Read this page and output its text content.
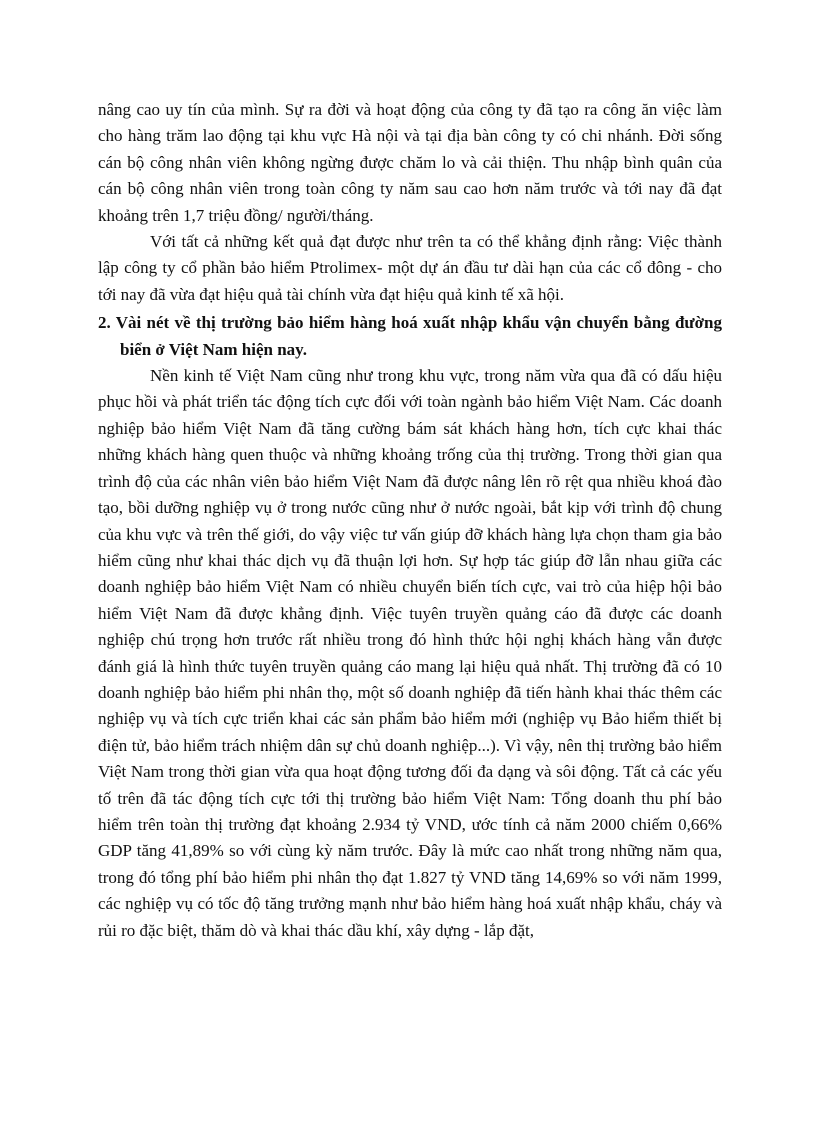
nâng cao uy tín của mình. Sự ra đời và hoạt động của công ty đã tạo ra công ăn việc làm cho hàng trăm lao động tại khu vực Hà nội và tại địa bàn công ty có chi nhánh. Đời sống cán bộ công nhân viên không ngừng được chăm lo và cải thiện. Thu nhập bình quân của cán bộ công nhân viên trong toàn công ty năm sau cao hơn năm trước và tới nay đã đạt khoảng trên 1,7 triệu đồng/ người/tháng.

Với tất cả những kết quả đạt được như trên ta có thể khẳng định rằng: Việc thành lập công ty cổ phần bảo hiểm Ptrolimex- một dự án đầu tư dài hạn của các cổ đông - cho tới nay đã vừa đạt hiệu quả tài chính vừa đạt hiệu quả kinh tế xã hội.

2. Vài nét về thị trường bảo hiểm hàng hoá xuất nhập khẩu vận chuyển bằng đường biển ở Việt Nam hiện nay.

Nền kinh tế Việt Nam cũng như trong khu vực, trong năm vừa qua đã có dấu hiệu phục hồi và phát triển tác động tích cực đối với toàn ngành bảo hiểm Việt Nam. Các doanh nghiệp bảo hiểm Việt Nam đã tăng cường bám sát khách hàng hơn, tích cực khai thác những khách hàng quen thuộc và những khoảng trống của thị trường. Trong thời gian qua trình độ của các nhân viên bảo hiểm Việt Nam đã được nâng lên rõ rệt qua nhiều khoá đào tạo, bồi dưỡng nghiệp vụ ở trong nước cũng như ở nước ngoài, bắt kịp với trình độ chung của khu vực và trên thế giới, do vậy việc tư vấn giúp đỡ khách hàng lựa chọn tham gia bảo hiểm cũng như khai thác dịch vụ đã thuận lợi hơn. Sự hợp tác giúp đỡ lẫn nhau giữa các doanh nghiệp bảo hiểm Việt Nam có nhiều chuyển biến tích cực, vai trò của hiệp hội bảo hiểm Việt Nam đã được khẳng định. Việc tuyên truyền quảng cáo đã được các doanh nghiệp chú trọng hơn trước rất nhiều trong đó hình thức hội nghị khách hàng vẫn được đánh giá là hình thức tuyên truyền quảng cáo mang lại hiệu quả nhất. Thị trường đã có 10 doanh nghiệp bảo hiểm phi nhân thọ, một số doanh nghiệp đã tiến hành khai thác thêm các nghiệp vụ và tích cực triển khai các sản phẩm bảo hiểm mới (nghiệp vụ Bảo hiểm thiết bị điện tử, bảo hiểm trách nhiệm dân sự chủ doanh nghiệp...). Vì vậy, nên thị trường bảo hiểm Việt Nam trong thời gian vừa qua hoạt động tương đối đa dạng và sôi động. Tất cả các yếu tố trên đã tác động tích cực tới thị trường bảo hiểm Việt Nam: Tổng doanh thu phí bảo hiểm trên toàn thị trường đạt khoảng 2.934 tỷ VND, ước tính cả năm 2000 chiếm 0,66% GDP tăng 41,89% so với cùng kỳ năm trước. Đây là mức cao nhất trong những năm qua, trong đó tổng phí bảo hiểm phi nhân thọ đạt 1.827 tỷ VND tăng 14,69% so với năm 1999, các nghiệp vụ có tốc độ tăng trưởng mạnh như bảo hiểm hàng hoá xuất nhập khẩu, cháy và rủi ro đặc biệt, thăm dò và khai thác dầu khí, xây dựng - lắp đặt,
